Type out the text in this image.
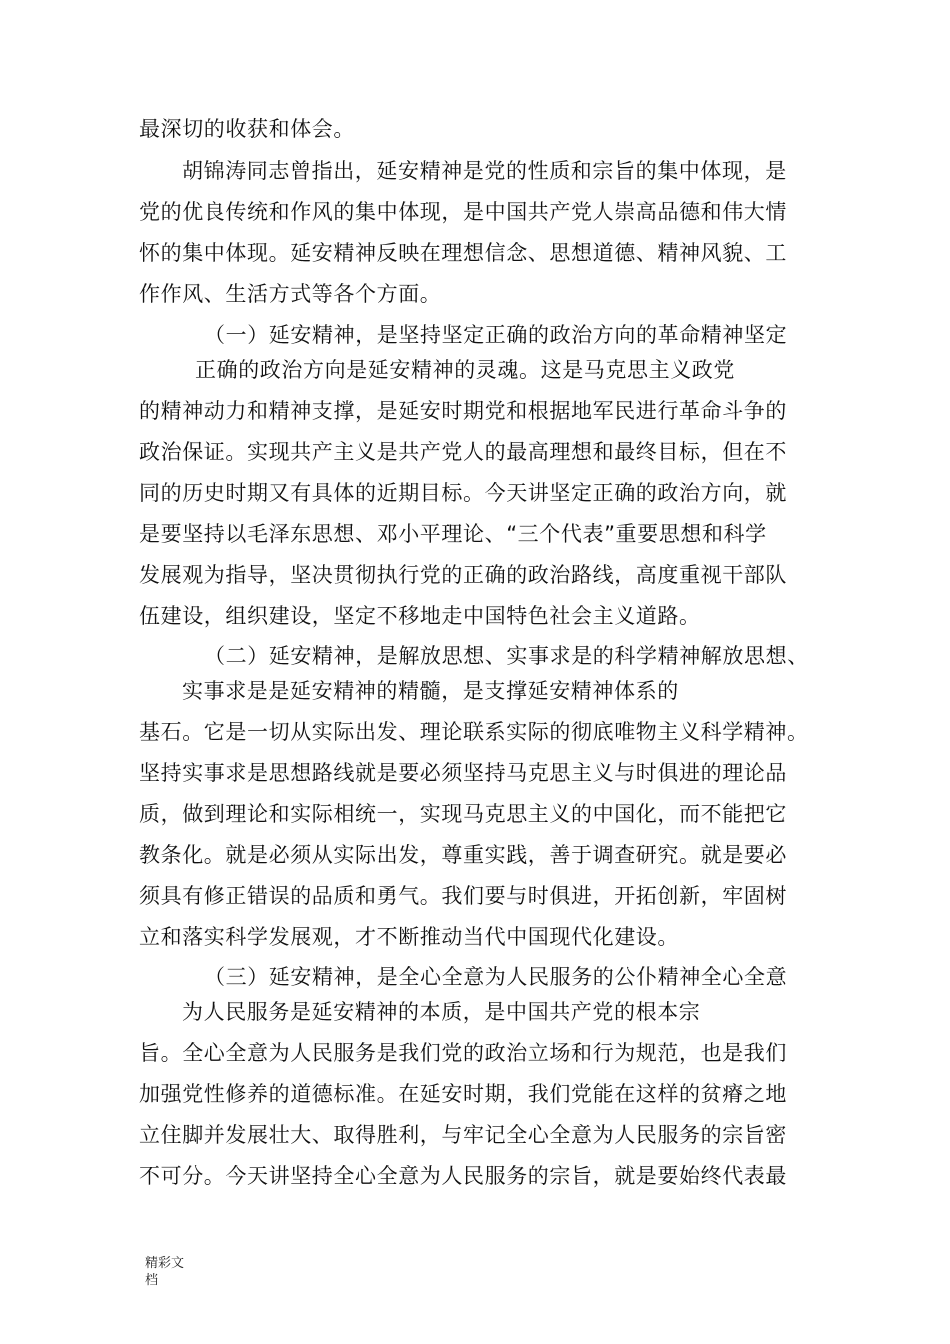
最深切的收获和体会。
胡锦涛同志曾指出，延安精神是党的性质和宗旨的集中体现，是
党的优良传统和作风的集中体现，是中国共产党人崇高品德和伟大情
怀的集中体现。延安精神反映在理想信念、思想道德、精神风貌、工
作作风、生活方式等各个方面。
（一）延安精神，是坚持坚定正确的政治方向的革命精神坚定
正确的政治方向是延安精神的灵魂。这是马克思主义政党
的精神动力和精神支撑，是延安时期党和根据地军民进行革命斗争的
政治保证。实现共产主义是共产党人的最高理想和最终目标，但在不
同的历史时期又有具体的近期目标。今天讲坚定正确的政治方向，就
是要坚持以毛泽东思想、邓小平理论、“三个代表”重要思想和科学
发展观为指导，坚决贯彻执行党的正确的政治路线，高度重视干部队
伍建设，组织建设，坚定不移地走中国特色社会主义道路。
（二）延安精神，是解放思想、实事求是的科学精神解放思想、
实事求是是延安精神的精髓，是支撑延安精神体系的
基石。它是一切从实际出发、理论联系实际的彻底唯物主义科学精神。
坚持实事求是思想路线就是要必须坚持马克思主义与时俱进的理论品
质，做到理论和实际相统一，实现马克思主义的中国化，而不能把它
教条化。就是必须从实际出发，尊重实践，善于调查研究。就是要必
须具有修正错误的品质和勇气。我们要与时俱进，开拓创新，牢固树
立和落实科学发展观，才不断推动当代中国现代化建设。
（三）延安精神，是全心全意为人民服务的公仆精神全心全意
为人民服务是延安精神的本质，是中国共产党的根本宗
旨。全心全意为人民服务是我们党的政治立场和行为规范，也是我们
加强党性修养的道德标准。在延安时期，我们党能在这样的贫瘠之地
立住脚并发展壮大、取得胜利，与牢记全心全意为人民服务的宗旨密
不可分。今天讲坚持全心全意为人民服务的宗旨，就是要始终代表最
精彩文档
